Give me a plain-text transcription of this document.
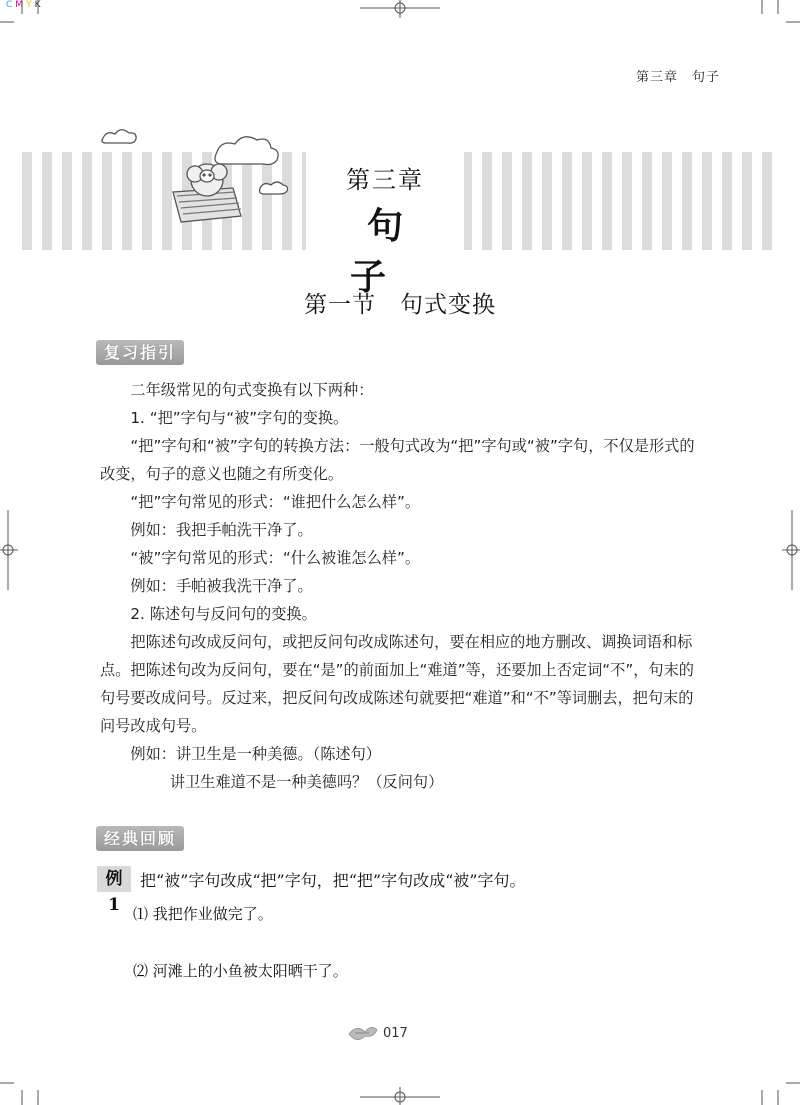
CMYK
第三章　句子
第三章
句子
第一节　句式变换
复习指引

二年级常见的句式变换有以下两种：

1. “把”字句与“被”字句的变换。

“把”字句和“被”字句的转换方法：一般句式改为“把”字句或“被”字句，不仅是形式的改变，句子的意义也随之有所变化。

“把”字句常见的形式：“谁把什么怎么样”。

例如：我把手帕洗干净了。

“被”字句常见的形式：“什么被谁怎么样”。

例如：手帕被我洗干净了。

2. 陈述句与反问句的变换。

把陈述句改成反问句，或把反问句改成陈述句，要在相应的地方删改、调换词语和标点。把陈述句改为反问句，要在“是”的前面加上“难道”等，还要加上否定词“不”，句末的句号要改成问号。反过来，把反问句改成陈述句就要把“难道”和“不”等词删去，把句末的问号改成句号。

例如：讲卫生是一种美德。（陈述句）

讲卫生难道不是一种美德吗？（反问句）

经典回顾
例 1
把“被”字句改成“把”字句，把“把”字句改成“被”字句。
⑴ 我把作业做完了。
⑵ 河滩上的小鱼被太阳晒干了。
017
